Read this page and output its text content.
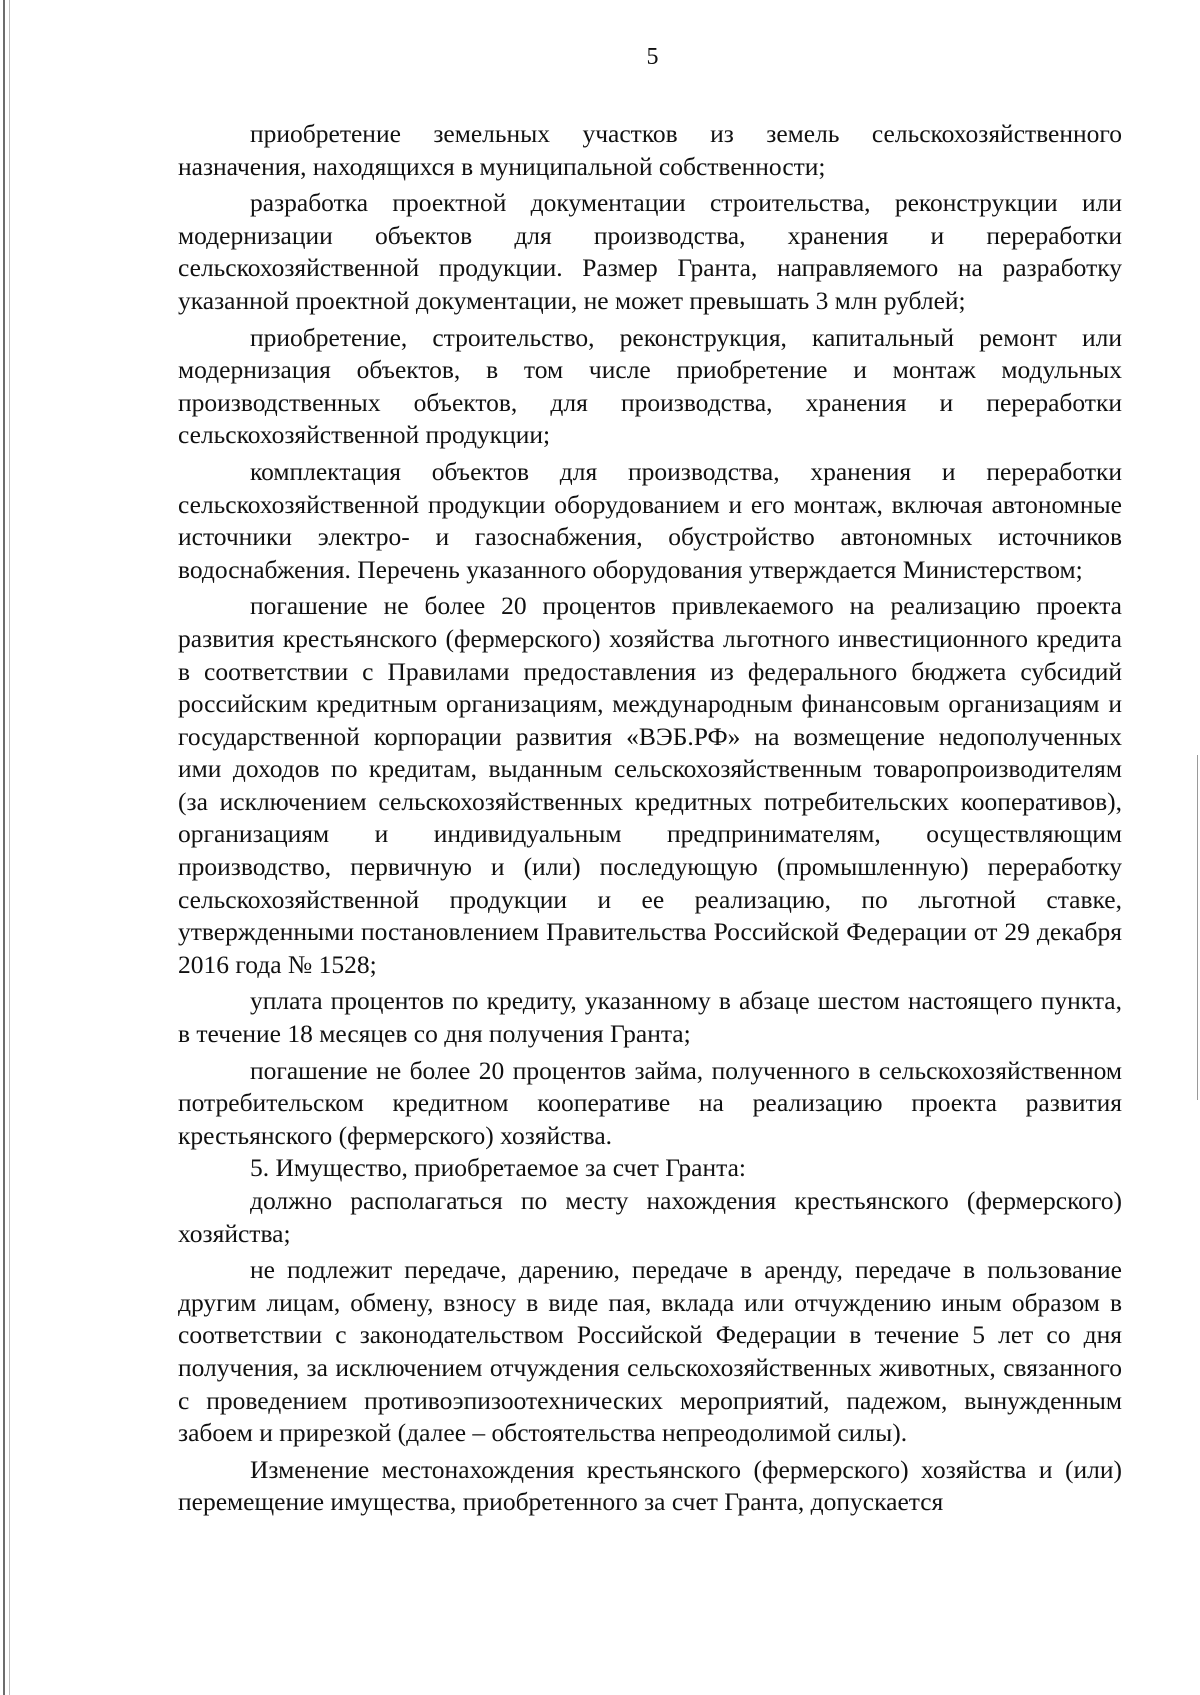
5

приобретение земельных участков из земель сельскохозяйственного назначения, находящихся в муниципальной собственности;

разработка проектной документации строительства, реконструкции или модернизации объектов для производства, хранения и переработки сельскохозяйственной продукции. Размер Гранта, направляемого на разработку указанной проектной документации, не может превышать 3 млн рублей;

приобретение, строительство, реконструкция, капитальный ремонт или модернизация объектов, в том числе приобретение и монтаж модульных производственных объектов, для производства, хранения и переработки сельскохозяйственной продукции;

комплектация объектов для производства, хранения и переработки сельскохозяйственной продукции оборудованием и его монтаж, включая автономные источники электро- и газоснабжения, обустройство автономных источников водоснабжения. Перечень указанного оборудования утверждается Министерством;

погашение не более 20 процентов привлекаемого на реализацию проекта развития крестьянского (фермерского) хозяйства льготного инвестиционного кредита в соответствии с Правилами предоставления из федерального бюджета субсидий российским кредитным организациям, международным финансовым организациям и государственной корпорации развития «ВЭБ.РФ» на возмещение недополученных ими доходов по кредитам, выданным сельскохозяйственным товаропроизводителям (за исключением сельскохозяйственных кредитных потребительских кооперативов), организациям и индивидуальным предпринимателям, осуществляющим производство, первичную и (или) последующую (промышленную) переработку сельскохозяйственной продукции и ее реализацию, по льготной ставке, утвержденными постановлением Правительства Российской Федерации от 29 декабря 2016 года № 1528;

уплата процентов по кредиту, указанному в абзаце шестом настоящего пункта, в течение 18 месяцев со дня получения Гранта;

погашение не более 20 процентов займа, полученного в сельскохозяйственном потребительском кредитном кооперативе на реализацию проекта развития крестьянского (фермерского) хозяйства.

5. Имущество, приобретаемое за счет Гранта:

должно располагаться по месту нахождения крестьянского (фермерского) хозяйства;

не подлежит передаче, дарению, передаче в аренду, передаче в пользование другим лицам, обмену, взносу в виде пая, вклада или отчуждению иным образом в соответствии с законодательством Российской Федерации в течение 5 лет со дня получения, за исключением отчуждения сельскохозяйственных животных, связанного с проведением противоэпизоотехнических мероприятий, падежом, вынужденным забоем и прирезкой (далее – обстоятельства непреодолимой силы).

Изменение местонахождения крестьянского (фермерского) хозяйства и (или) перемещение имущества, приобретенного за счет Гранта, допускается
